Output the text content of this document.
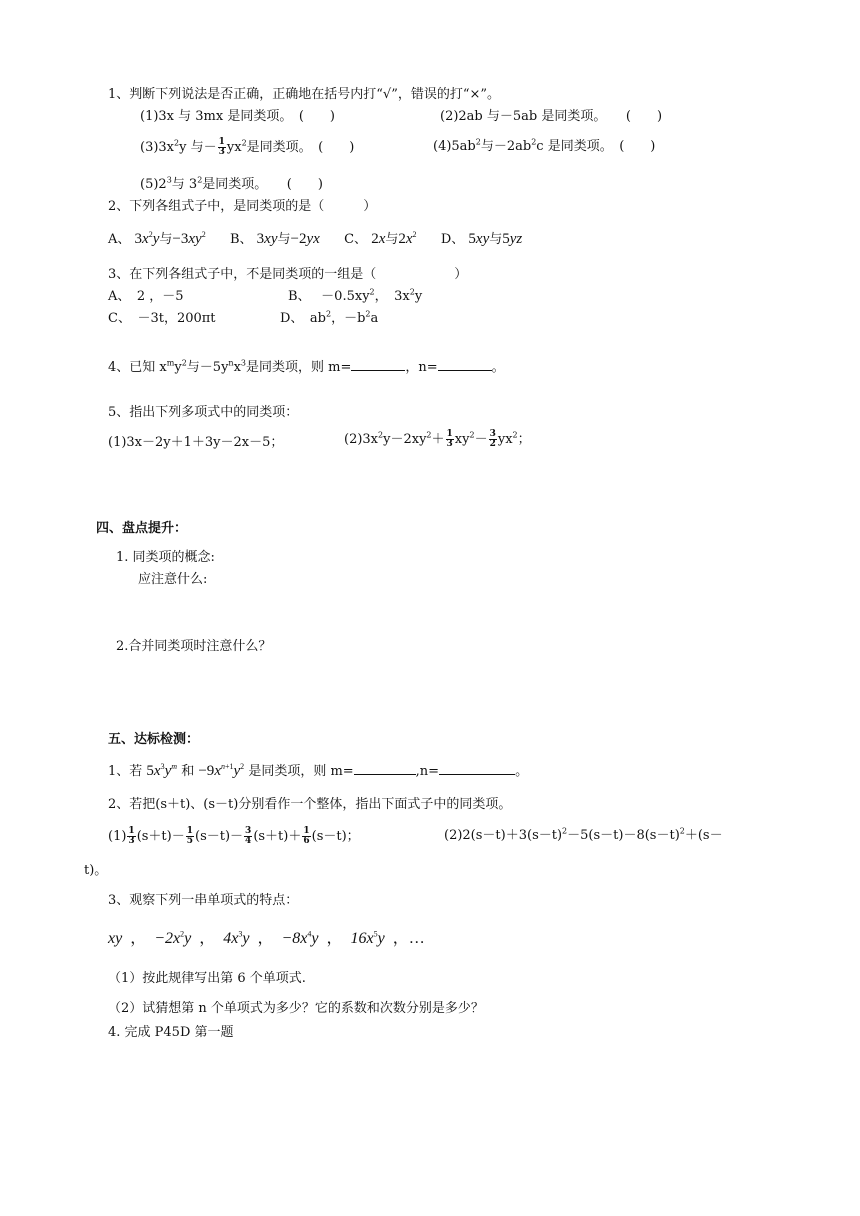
1、判断下列说法是否正确，正确地在括号内打“√”，错误的打“×”。
(1)3x 与 3mx 是同类项。　(　　)	(2)2ab 与－5ab 是同类项。　　(　　)
$(3)3x^2y$ 与－ $\frac{1}{3} yx^2$是同类项。　(　　)	$(4)5ab^2$与$-2ab^2c$ 是同类项。　(　　)
$(5)2^3$与 $3^2$是同类项。　　(　　)
2、下列各组式子中，是同类项的是（　　　）
A、 $3x^2y$与$-3xy^2$ B、 3xy与−2yx C、 2x与$2x^2$ D、 5xy与5yz
3、在下列各组式子中，不是同类项的一组是（　　　　　　）
A、　2 ，－5	B、　 $-0.5xy^2$，　$3x^2y$
C、　－3t，200πt	D、　$ab^2$，$-b^2a$
4、已知 $x^my^2$与$-5y^nx^3$是同类项，则 m=	，n=	。
5、指出下列多项式中的同类项：
(1)3x－2y＋1＋3y－2x－5；	$(2)3x^2y-2xy^2+ \frac{1}{3} xy^2- \frac{3}{2} yx^2$；
四、盘点提升：
1. 同类项的概念:
应注意什么:
2.合并同类项时注意什么？
五、达标检测：
1、若 $5x^3y^m$ 和 $-9x^{n+1}y^2$ 是同类项，则 m=	,n=	。
2、若把(s＋t)、(s－t)分别看作一个整体，指出下面式子中的同类项。
$(1) \frac{1}{3} (s+t)- \frac{1}{5} (s-t)- \frac{3}{4} (s+t)+ \frac{1}{6} (s-t)$；	$(2)2(s-t)+3(s-t)^2-5(s-t)-8(s-t)^2+(s-$
t)。
3、观察下列一串单项式的特点：
xy ， $-2x^2y$ ， $4x^3y$ ， $-8x^4y$ ， $16x^5y$ ，…
（1）按此规律写出第 6 个单项式.
（2）试猜想第 n 个单项式为多少？它的系数和次数分别是多少？
4. 完成 P45D 第一题
